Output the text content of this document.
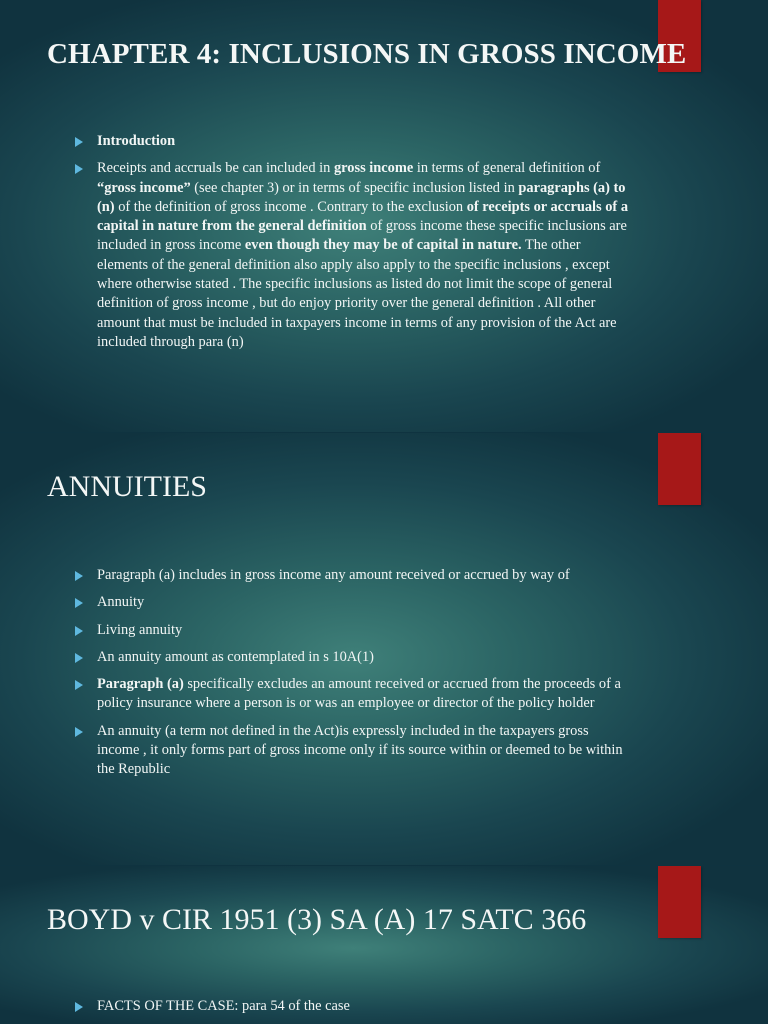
CHAPTER 4: INCLUSIONS IN GROSS INCOME
Introduction
Receipts and accruals be can included in gross income in terms of general definition of “gross income” (see chapter 3) or in terms of specific inclusion listed in paragraphs (a) to (n) of the definition of gross income . Contrary to the exclusion of receipts or accruals of a capital in nature from the general definition of gross income these specific inclusions are included in gross income even though they may be of capital in nature. The other elements of the general definition also apply also apply to the specific inclusions , except where otherwise stated . The specific inclusions as listed do not limit the scope of general definition of gross income , but do enjoy priority over the general definition . All other amount that must be included in taxpayers income in terms of any provision of the Act are included through para (n)
ANNUITIES
Paragraph (a) includes in gross income any amount received or accrued by way of
Annuity
Living annuity
An annuity amount as contemplated in s 10A(1)
Paragraph (a) specifically excludes an amount received or accrued from the proceeds of a policy insurance where a person is or was an employee or director of the policy holder
An annuity (a term not defined in the Act)is expressly included in the taxpayers gross income , it only forms part of gross income only if its source within or deemed to be within the Republic
BOYD v CIR 1951 (3) SA (A) 17 SATC 366
FACTS OF THE CASE: para 54 of the case
